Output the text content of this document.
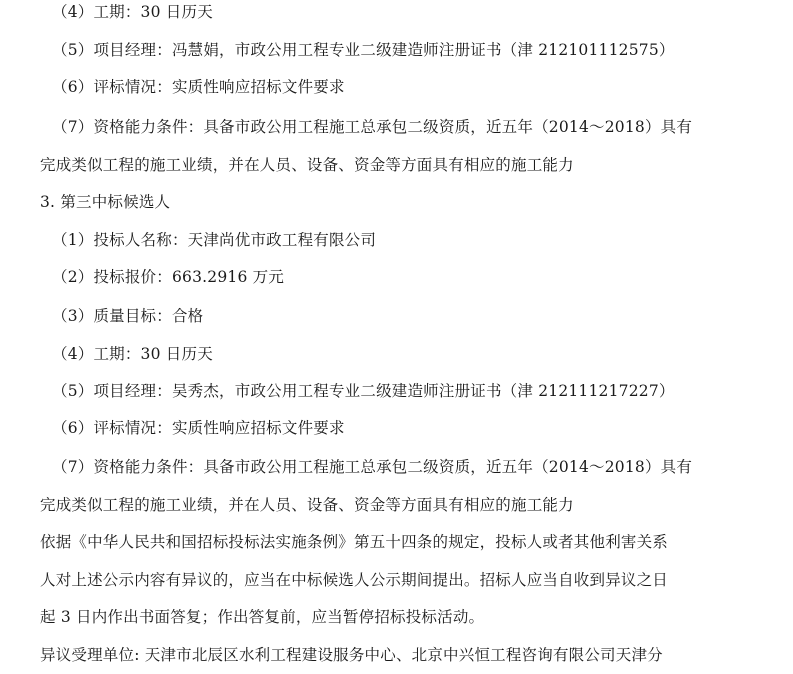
（4）工期：30 日历天
（5）项目经理：冯慧娟，市政公用工程专业二级建造师注册证书（津 212101112575）
（6）评标情况：实质性响应招标文件要求
（7）资格能力条件：具备市政公用工程施工总承包二级资质，近五年（2014～2018）具有
完成类似工程的施工业绩，并在人员、设备、资金等方面具有相应的施工能力
3. 第三中标候选人
（1）投标人名称：天津尚优市政工程有限公司
（2）投标报价：663.2916 万元
（3）质量目标：合格
（4）工期：30 日历天
（5）项目经理：吴秀杰，市政公用工程专业二级建造师注册证书（津 212111217227）
（6）评标情况：实质性响应招标文件要求
（7）资格能力条件：具备市政公用工程施工总承包二级资质，近五年（2014～2018）具有
完成类似工程的施工业绩，并在人员、设备、资金等方面具有相应的施工能力
依据《中华人民共和国招标投标法实施条例》第五十四条的规定，投标人或者其他利害关系
人对上述公示内容有异议的，应当在中标候选人公示期间提出。招标人应当自收到异议之日
起 3 日内作出书面答复；作出答复前，应当暂停招标投标活动。
异议受理单位: 天津市北辰区水利工程建设服务中心、北京中兴恒工程咨询有限公司天津分
